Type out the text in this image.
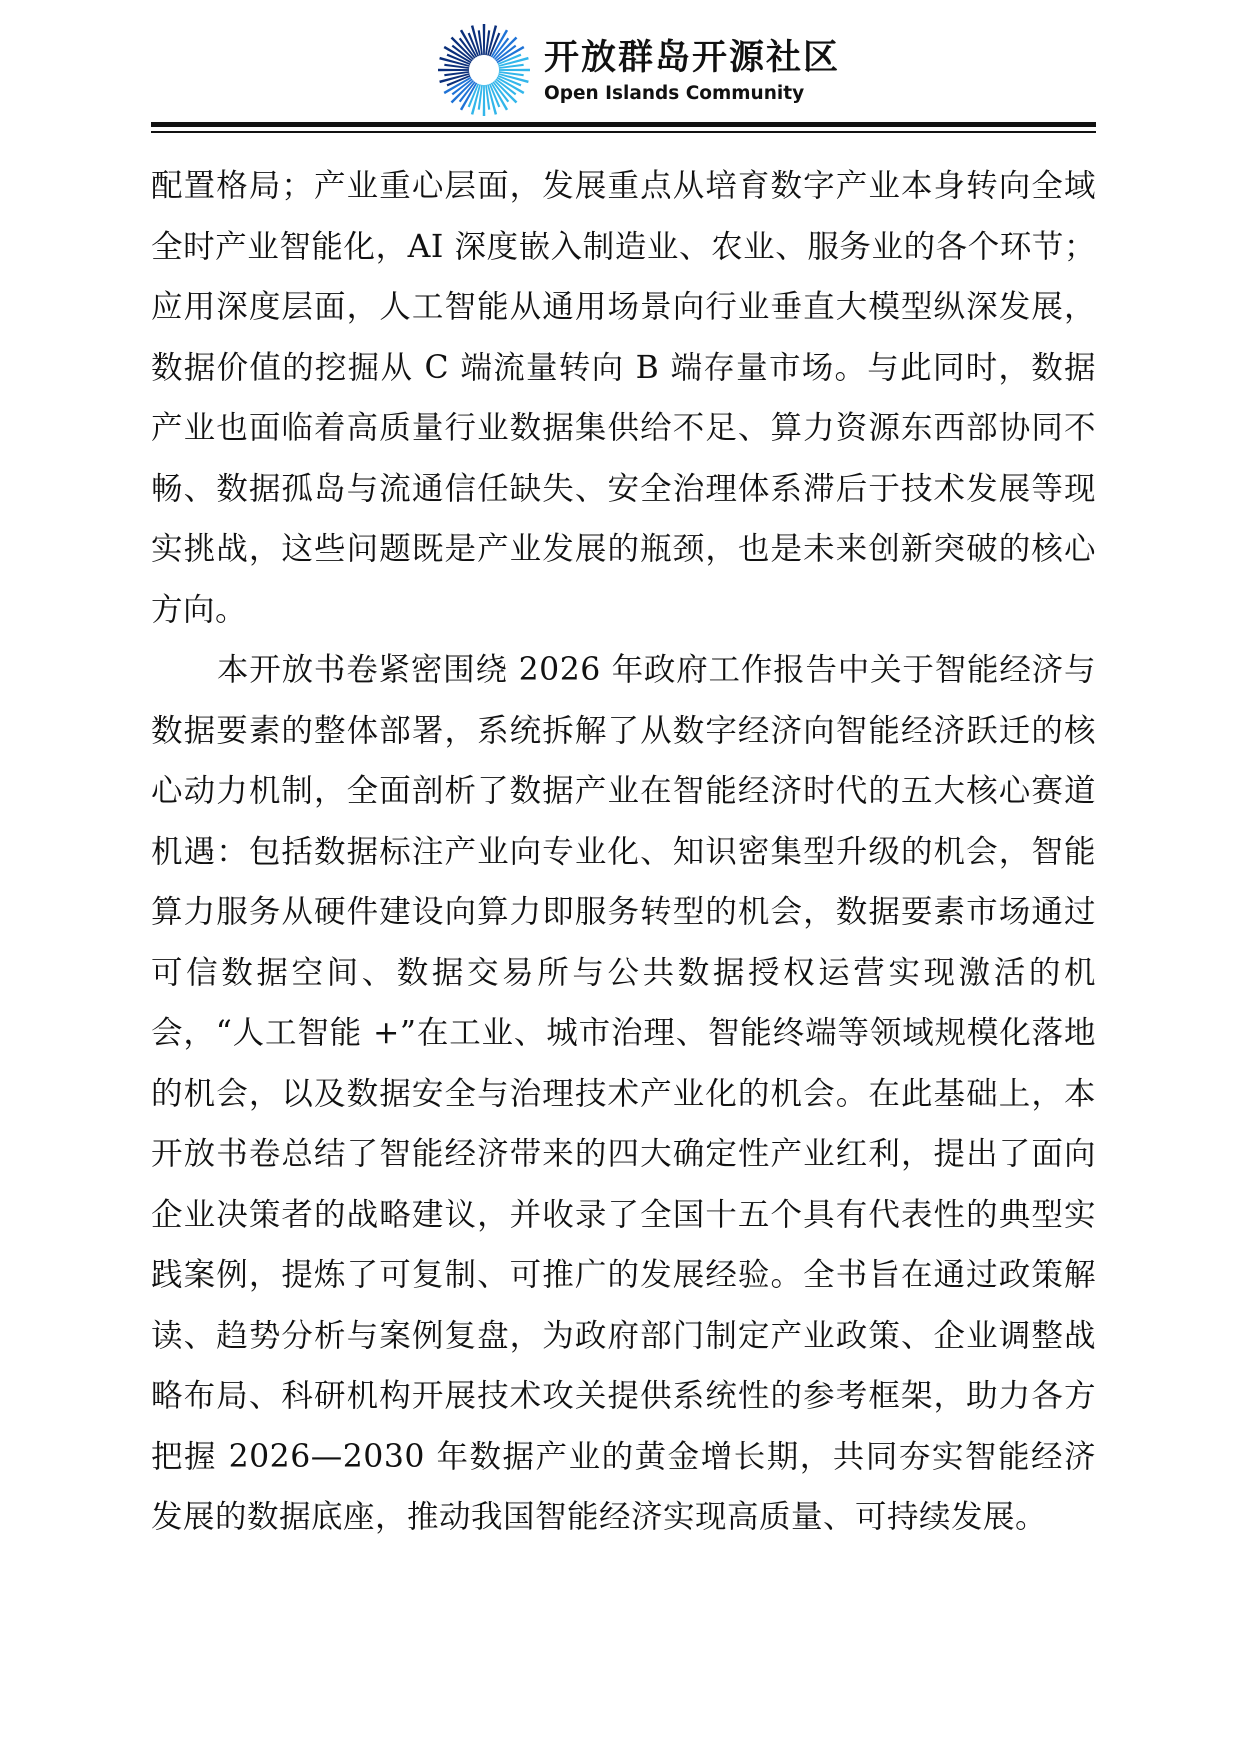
开放群岛开源社区
Open Islands Community

配置格局；产业重心层面，发展重点从培育数字产业本身转向全域全时产业智能化，AI 深度嵌入制造业、农业、服务业的各个环节；应用深度层面，人工智能从通用场景向行业垂直大模型纵深发展，数据价值的挖掘从 C 端流量转向 B 端存量市场。与此同时，数据产业也面临着高质量行业数据集供给不足、算力资源东西部协同不畅、数据孤岛与流通信任缺失、安全治理体系滞后于技术发展等现实挑战，这些问题既是产业发展的瓶颈，也是未来创新突破的核心方向。

本开放书卷紧密围绕 2026 年政府工作报告中关于智能经济与数据要素的整体部署，系统拆解了从数字经济向智能经济跃迁的核心动力机制，全面剖析了数据产业在智能经济时代的五大核心赛道机遇：包括数据标注产业向专业化、知识密集型升级的机会，智能算力服务从硬件建设向算力即服务转型的机会，数据要素市场通过可信数据空间、数据交易所与公共数据授权运营实现激活的机会，“人工智能 +”在工业、城市治理、智能终端等领域规模化落地的机会，以及数据安全与治理技术产业化的机会。在此基础上，本开放书卷总结了智能经济带来的四大确定性产业红利，提出了面向企业决策者的战略建议，并收录了全国十五个具有代表性的典型实践案例，提炼了可复制、可推广的发展经验。全书旨在通过政策解读、趋势分析与案例复盘，为政府部门制定产业政策、企业调整战略布局、科研机构开展技术攻关提供系统性的参考框架，助力各方把握 2026—2030 年数据产业的黄金增长期，共同夯实智能经济发展的数据底座，推动我国智能经济实现高质量、可持续发展。
